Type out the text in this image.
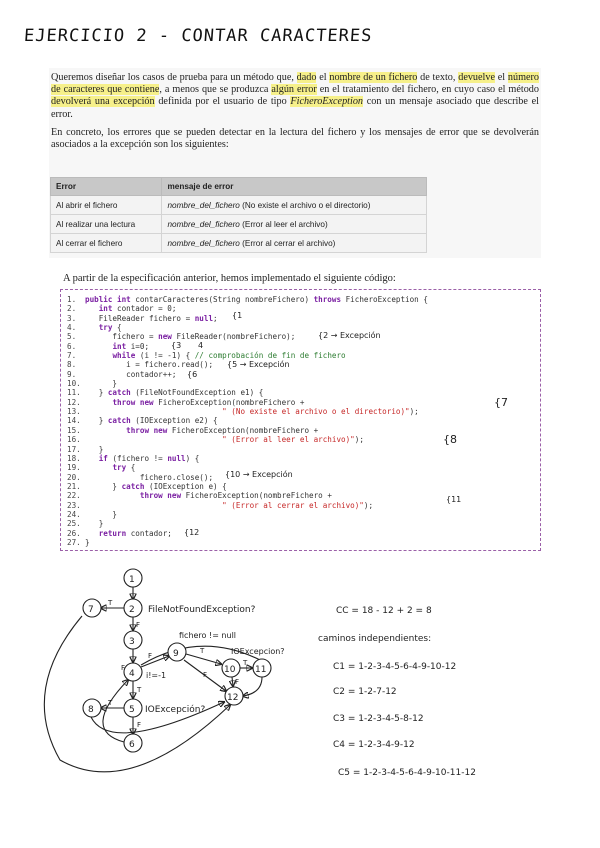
EJERCICIO 2 - CONTAR CARACTERES

Queremos diseñar los casos de prueba para un método que, dado el nombre de un fichero de texto, devuelve el número de caracteres que contiene, a menos que se produzca algún error en el tratamiento del fichero, en cuyo caso el método devolverá una excepción definida por el usuario de tipo FicheroException con un mensaje asociado que describe el error.

En concreto, los errores que se pueden detectar en la lectura del fichero y los mensajes de error que se devolverán asociados a la excepción son los siguientes:

Error	mensaje de error
Al abrir el fichero	nombre_del_fichero (No existe el archivo o el directorio)
Al realizar una lectura	nombre_del_fichero (Error al leer el archivo)
Al cerrar el fichero	nombre_del_fichero (Error al cerrar el archivo)
A partir de la especificación anterior, hemos implementado el siguiente código:
1. public int contarCaracteres(String nombreFichero) throws FicheroException {
2.	int contador = 0;
3.   FileReader fichero = null;
4.	try {
5.      fichero = new FileReader(nombreFichero);
6.	int i=0;
7.	while (i != -1) { // comprobación de fin de fichero
8.         i = fichero.read();
9.         contador++;
10.      }
11.   } catch (FileNotFoundException e1) {
12.	throw new FicheroException(nombreFichero +
13.	" (No existe el archivo o el directorio)");
14.   } catch (IOException e2) {
15.	throw new FicheroException(nombreFichero +
16.	" (Error al leer el archivo)");
17.   }
18. if (fichero != null) {
19.	try {
20.            fichero.close();
21.      } catch (IOException e) {
22.	throw new FicheroException(nombreFichero +
23.	" (Error al cerrar el archivo)");
24.      }
25.   }
26. return contador;
27. }
{1
{2 → Excepción
{3 4
{5 → Excepción
{6
{7
{8
{10 → Excepción
{11
{12
1
2
3
4
9
10 11
12
8	5
6
7	FileNotFoundException?
fichero != null
IOExcepcion?
i!=-1
IOExcepción?
T
F
F
T
T
F
T
F
T
F
F
CC = 18 - 12 + 2 = 8
caminos independientes:
C1 = 1-2-3-4-5-6-4-9-10-12
C2 = 1-2-7-12
C3 = 1-2-3-4-5-8-12
C4 = 1-2-3-4-9-12
C5 = 1-2-3-4-5-6-4-9-10-11-12
